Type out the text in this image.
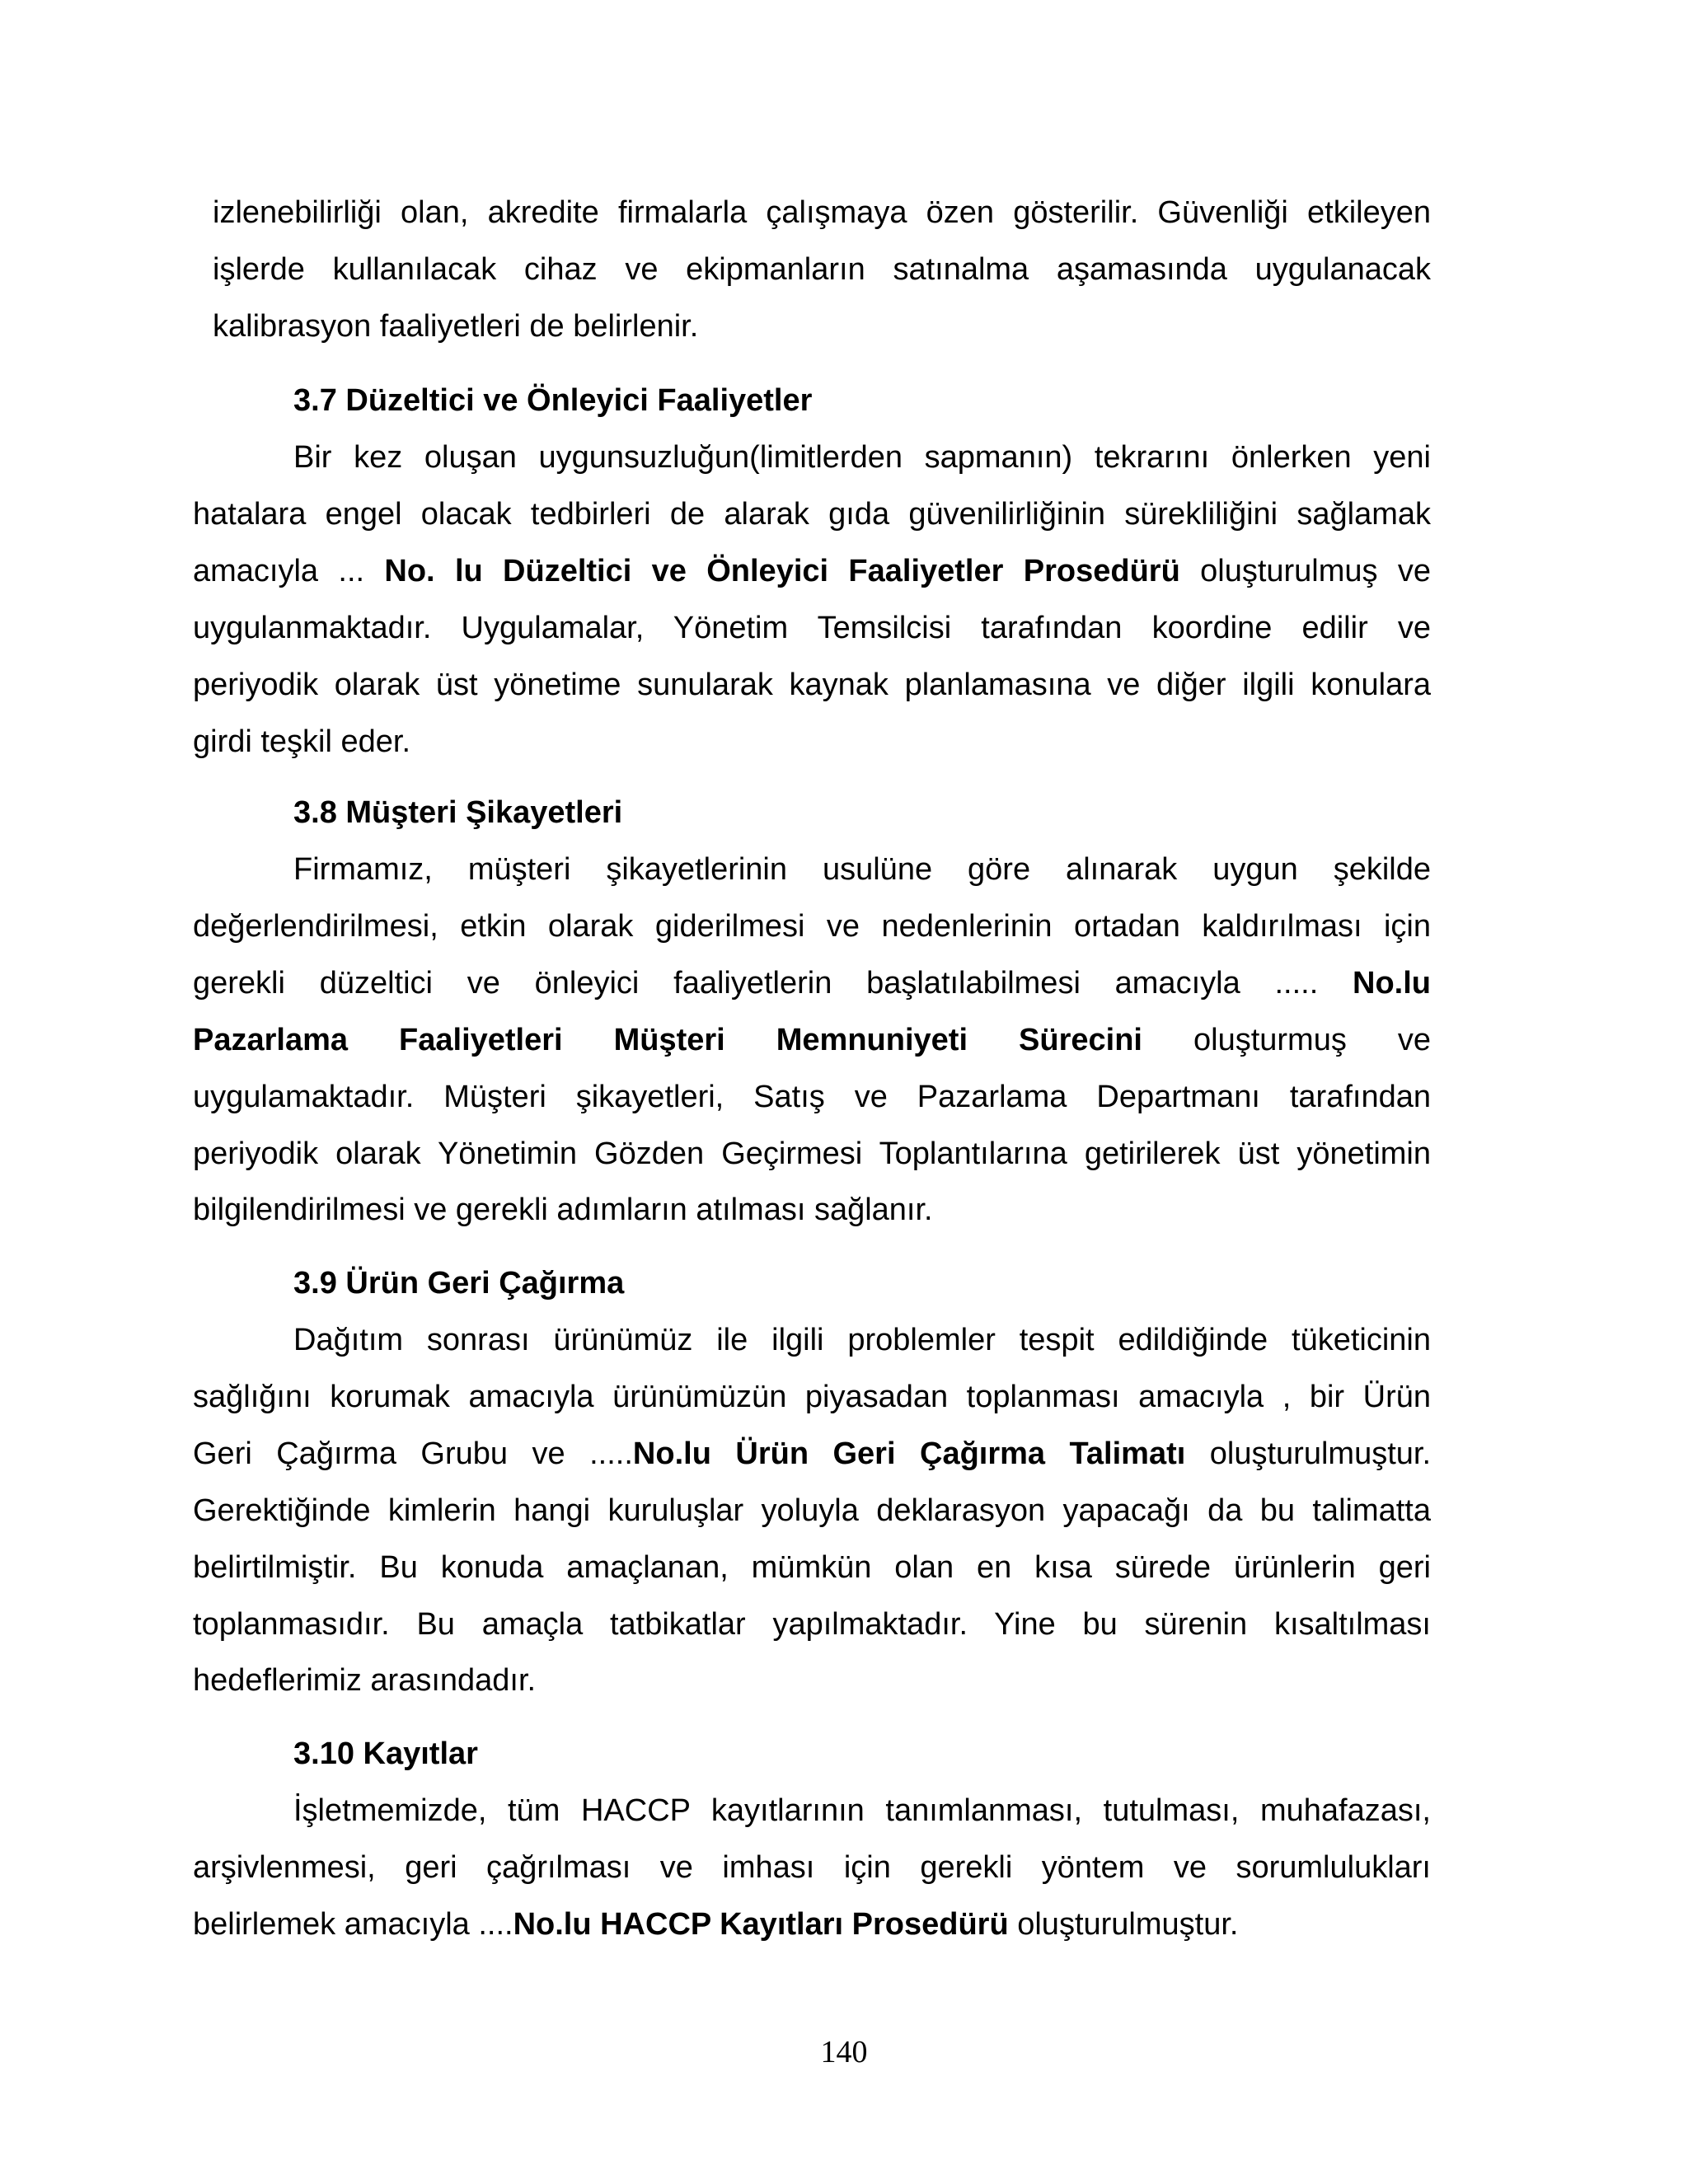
izlenebilirliği olan, akredite firmalarla çalışmaya özen gösterilir. Güvenliği etkileyen
işlerde kullanılacak cihaz ve ekipmanların satınalma aşamasında uygulanacak
kalibrasyon faaliyetleri de belirlenir.
3.7 Düzeltici ve Önleyici Faaliyetler
Bir kez oluşan uygunsuzluğun(limitlerden sapmanın) tekrarını önlerken yeni
hatalara engel olacak tedbirleri de alarak gıda güvenilirliğinin sürekliliğini sağlamak
amacıyla ... No. lu Düzeltici ve Önleyici Faaliyetler Prosedürü oluşturulmuş ve
uygulanmaktadır. Uygulamalar, Yönetim Temsilcisi tarafından koordine edilir ve
periyodik olarak üst yönetime sunularak kaynak planlamasına ve diğer ilgili konulara
girdi teşkil eder.
3.8 Müşteri Şikayetleri
Firmamız, müşteri şikayetlerinin usulüne göre alınarak uygun şekilde
değerlendirilmesi, etkin olarak giderilmesi ve nedenlerinin ortadan kaldırılması için
gerekli düzeltici ve önleyici faaliyetlerin başlatılabilmesi amacıyla ..... No.lu
Pazarlama Faaliyetleri Müşteri Memnuniyeti Sürecini oluşturmuş ve
uygulamaktadır. Müşteri şikayetleri, Satış ve Pazarlama Departmanı tarafından
periyodik olarak Yönetimin Gözden Geçirmesi Toplantılarına getirilerek üst yönetimin
bilgilendirilmesi ve gerekli adımların atılması sağlanır.
3.9 Ürün Geri Çağırma
Dağıtım sonrası ürünümüz ile ilgili problemler tespit edildiğinde tüketicinin
sağlığını korumak amacıyla ürünümüzün piyasadan toplanması amacıyla , bir Ürün
Geri Çağırma Grubu ve .....No.lu Ürün Geri Çağırma Talimatı oluşturulmuştur.
Gerektiğinde kimlerin hangi kuruluşlar yoluyla deklarasyon yapacağı da bu talimatta
belirtilmiştir. Bu konuda amaçlanan, mümkün olan en kısa sürede ürünlerin geri
toplanmasıdır. Bu amaçla tatbikatlar yapılmaktadır. Yine bu sürenin kısaltılması
hedeflerimiz arasındadır.
3.10 Kayıtlar
İşletmemizde, tüm HACCP kayıtlarının tanımlanması, tutulması, muhafazası,
arşivlenmesi, geri çağrılması ve imhası için gerekli yöntem ve sorumlulukları
belirlemek amacıyla ....No.lu HACCP Kayıtları Prosedürü oluşturulmuştur.
140
